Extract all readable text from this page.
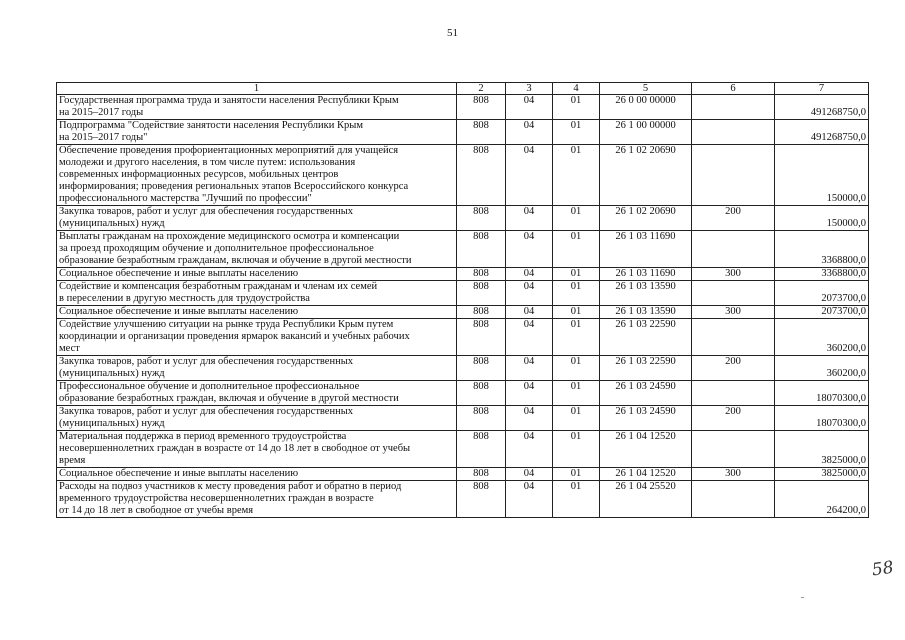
51
1	2	3	4	5	6	7
Государственная программа труда и занятости населения Республики Крым
на 2015–2017 годы	808	04	01	26 0 00 00000		491268750,0
Подпрограмма "Содействие занятости населения Республики Крым
на 2015–2017 годы"	808	04	01	26 1 00 00000		491268750,0
Обеспечение проведения профориентационных мероприятий для учащейся
молодежи и другого населения, в том числе путем: использования
современных информационных ресурсов, мобильных центров
информирования; проведения региональных этапов Всероссийского конкурса
профессионального мастерства "Лучший по профессии"	808	04	01	26 1 02 20690		150000,0
Закупка товаров, работ и услуг для обеспечения государственных
(муниципальных) нужд	808	04	01	26 1 02 20690	200	150000,0
Выплаты гражданам на прохождение медицинского осмотра и компенсации
за проезд проходящим обучение и дополнительное профессиональное
образование безработным гражданам, включая и обучение в другой местности	808	04	01	26 1 03 11690		3368800,0
Социальное обеспечение и иные выплаты населению	808	04	01	26 1 03 11690	300	3368800,0
Содействие и компенсация безработным гражданам и членам их семей
в переселении в другую местность для трудоустройства	808	04	01	26 1 03 13590		2073700,0
Социальное обеспечение и иные выплаты населению	808	04	01	26 1 03 13590	300	2073700,0
Содействие улучшению ситуации на рынке труда Республики Крым путем
координации и организации проведения ярмарок вакансий и учебных рабочих
мест	808	04	01	26 1 03 22590		360200,0
Закупка товаров, работ и услуг для обеспечения государственных
(муниципальных) нужд	808	04	01	26 1 03 22590	200	360200,0
Профессиональное обучение и дополнительное профессиональное
образование безработных граждан, включая и обучение в другой местности	808	04	01	26 1 03 24590		18070300,0
Закупка товаров, работ и услуг для обеспечения государственных
(муниципальных) нужд	808	04	01	26 1 03 24590	200	18070300,0
Материальная поддержка в период временного трудоустройства
несовершеннолетних граждан в возрасте от 14 до 18 лет в свободное от учебы
время	808	04	01	26 1 04 12520		3825000,0
Социальное обеспечение и иные выплаты населению	808	04	01	26 1 04 12520	300	3825000,0
Расходы на подвоз участников к месту проведения работ и обратно в период
временного трудоустройства несовершеннолетних граждан в возрасте
от 14 до 18 лет в свободное от учебы время	808	04	01	26 1 04 25520		264200,0
58
